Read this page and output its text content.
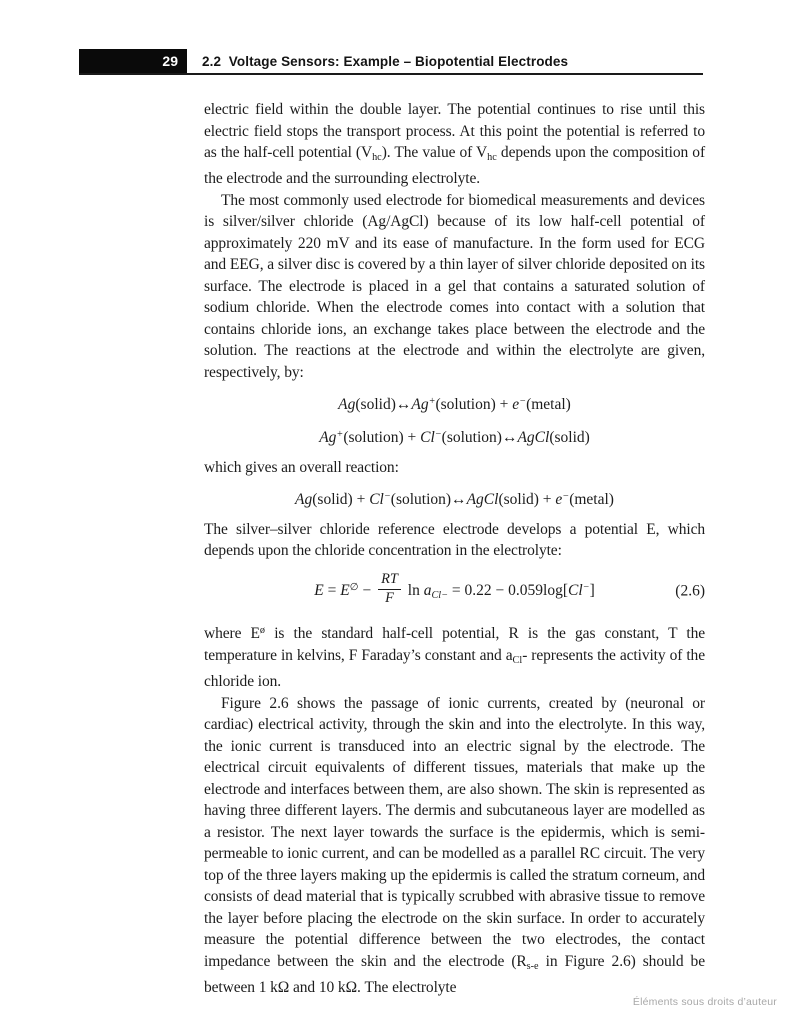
29	2.2  Voltage Sensors: Example – Biopotential Electrodes
electric field within the double layer. The potential continues to rise until this electric field stops the transport process. At this point the potential is referred to as the half-cell potential (Vhc). The value of Vhc depends upon the composition of the electrode and the surrounding electrolyte.
The most commonly used electrode for biomedical measurements and devices is silver/silver chloride (Ag/AgCl) because of its low half-cell potential of approximately 220 mV and its ease of manufacture. In the form used for ECG and EEG, a silver disc is covered by a thin layer of silver chloride deposited on its surface. The electrode is placed in a gel that contains a saturated solution of sodium chloride. When the electrode comes into contact with a solution that contains chloride ions, an exchange takes place between the electrode and the solution. The reactions at the electrode and within the electrolyte are given, respectively, by:
Ag(solid)↔Ag+(solution) + e−(metal)
Ag+(solution) + Cl−(solution)↔AgCl(solid)
which gives an overall reaction:
Ag(solid) + Cl−(solution)↔AgCl(solid) + e−(metal)
The silver–silver chloride reference electrode develops a potential E, which depends upon the chloride concentration in the electrolyte:
$E = E^\emptyset - \frac{RT}{F}$ ln aCl− = 0.22 − 0.059log[Cl−]	(2.6)
where $E^ø$ is the standard half-cell potential, R is the gas constant, T the temperature in kelvins, F Faraday’s constant and aCl- represents the activity of the chloride ion.
Figure 2.6 shows the passage of ionic currents, created by (neuronal or cardiac) electrical activity, through the skin and into the electrolyte. In this way, the ionic current is transduced into an electric signal by the electrode. The electrical circuit equivalents of different tissues, materials that make up the electrode and interfaces between them, are also shown. The skin is represented as having three different layers. The dermis and subcutaneous layer are modelled as a resistor. The next layer towards the surface is the epidermis, which is semi-permeable to ionic current, and can be modelled as a parallel RC circuit. The very top of the three layers making up the epidermis is called the stratum corneum, and consists of dead material that is typically scrubbed with abrasive tissue to remove the layer before placing the electrode on the skin surface. In order to accurately measure the potential difference between the two electrodes, the contact impedance between the skin and the electrode (Rs-e in Figure 2.6) should be between 1 kΩ and 10 kΩ. The electrolyte
Éléments sous droits d’auteur
